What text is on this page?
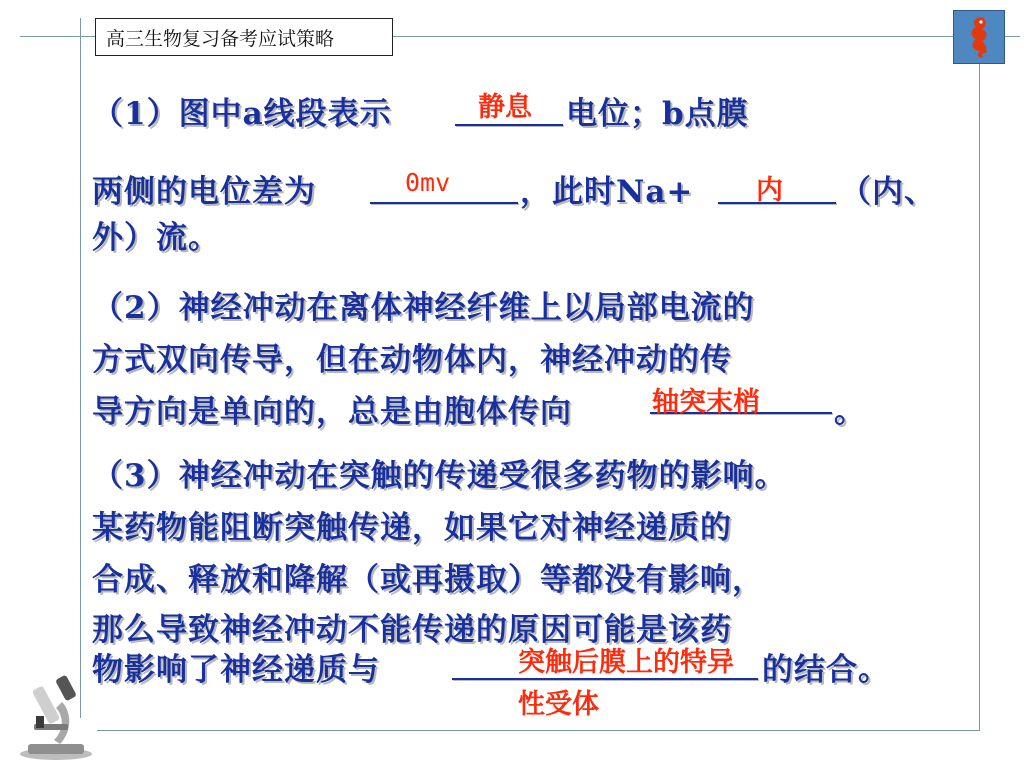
高三生物复习备考应试策略
（1）图中a线段表示	静息 电位；b点膜
两侧的电位差为	0mv ，此时Na+ 内 （内、
外）流。
（2）神经冲动在离体神经纤维上以局部电流的
方式双向传导，但在动物体内，神经冲动的传
导方向是单向的，总是由胞体传向	轴突末梢 。
（3）神经冲动在突触的传递受很多药物的影响。
某药物能阻断突触传递，如果它对神经递质的
合成、释放和降解（或再摄取）等都没有影响，
那么导致神经冲动不能传递的原因可能是该药
物影响了神经递质与	突触后膜上的特异
性受体
的结合。
